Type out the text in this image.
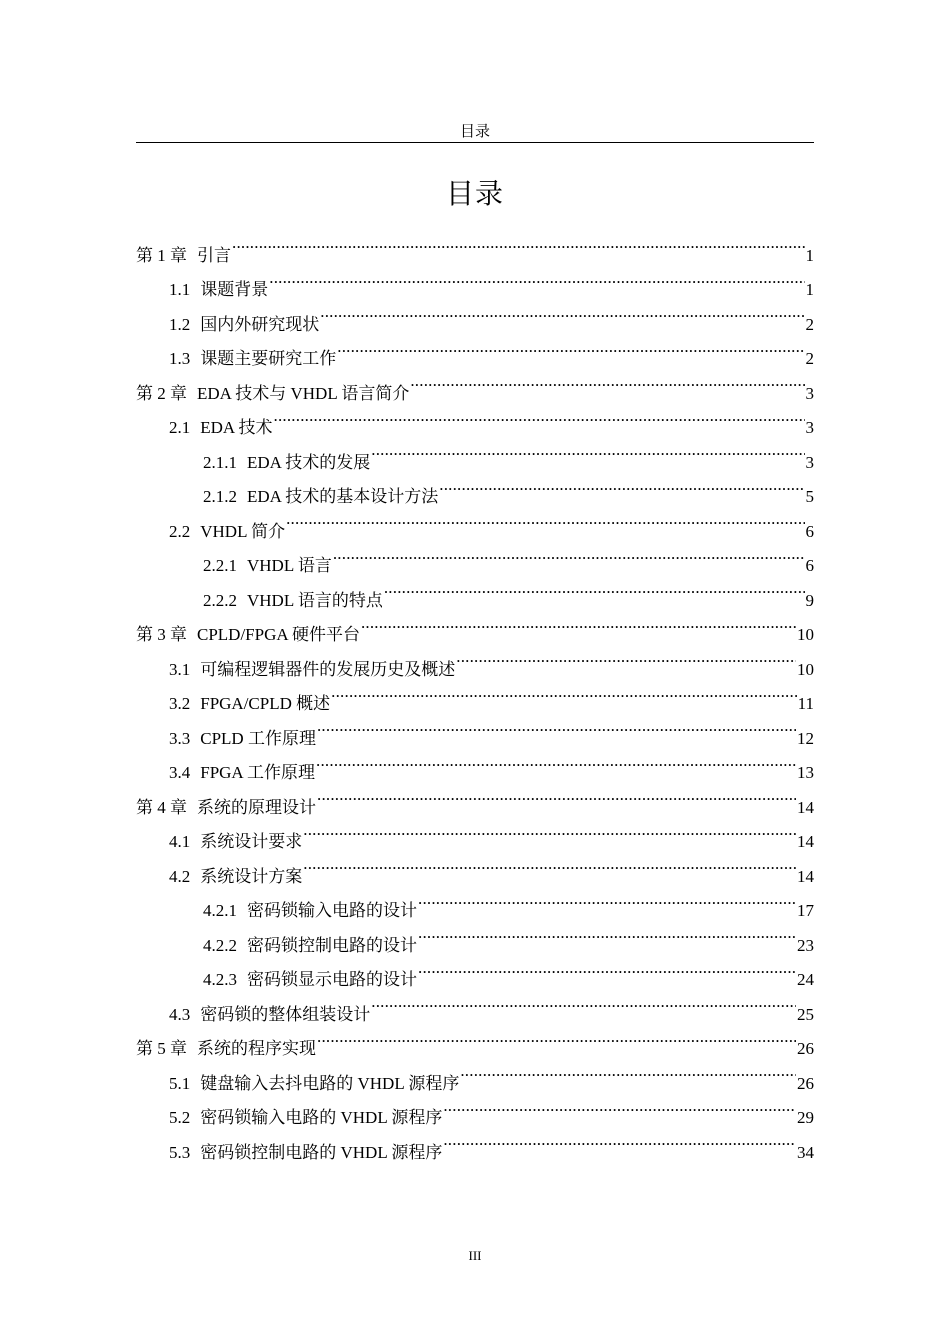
目录
目录
第 1 章 引言 .....	1
1.1 课题背景 .....	1
1.2 国内外研究现状 .....	2
1.3 课题主要研究工作 .....	2
第 2 章 EDA 技术与 VHDL 语言简介 .....	3
2.1 EDA 技术 .....	3
2.1.1 EDA 技术的发展 .....	3
2.1.2 EDA 技术的基本设计方法 .....	5
2.2 VHDL 简介 .....	6
2.2.1 VHDL 语言 .....	6
2.2.2 VHDL 语言的特点 .....	9
第 3 章 CPLD/FPGA 硬件平台 .....	10
3.1 可编程逻辑器件的发展历史及概述 .....	10
3.2 FPGA/CPLD 概述 .....	11
3.3 CPLD 工作原理 .....	12
3.4 FPGA 工作原理 .....	13
第 4 章 系统的原理设计 .....	14
4.1 系统设计要求 .....	14
4.2 系统设计方案 .....	14
4.2.1 密码锁输入电路的设计 .....	17
4.2.2 密码锁控制电路的设计 .....	23
4.2.3 密码锁显示电路的设计 .....	24
4.3 密码锁的整体组装设计 .....	25
第 5 章 系统的程序实现 .....	26
5.1 键盘输入去抖电路的 VHDL 源程序 .....	26
5.2 密码锁输入电路的 VHDL 源程序 .....	29
5.3 密码锁控制电路的 VHDL 源程序 .....	34
III
